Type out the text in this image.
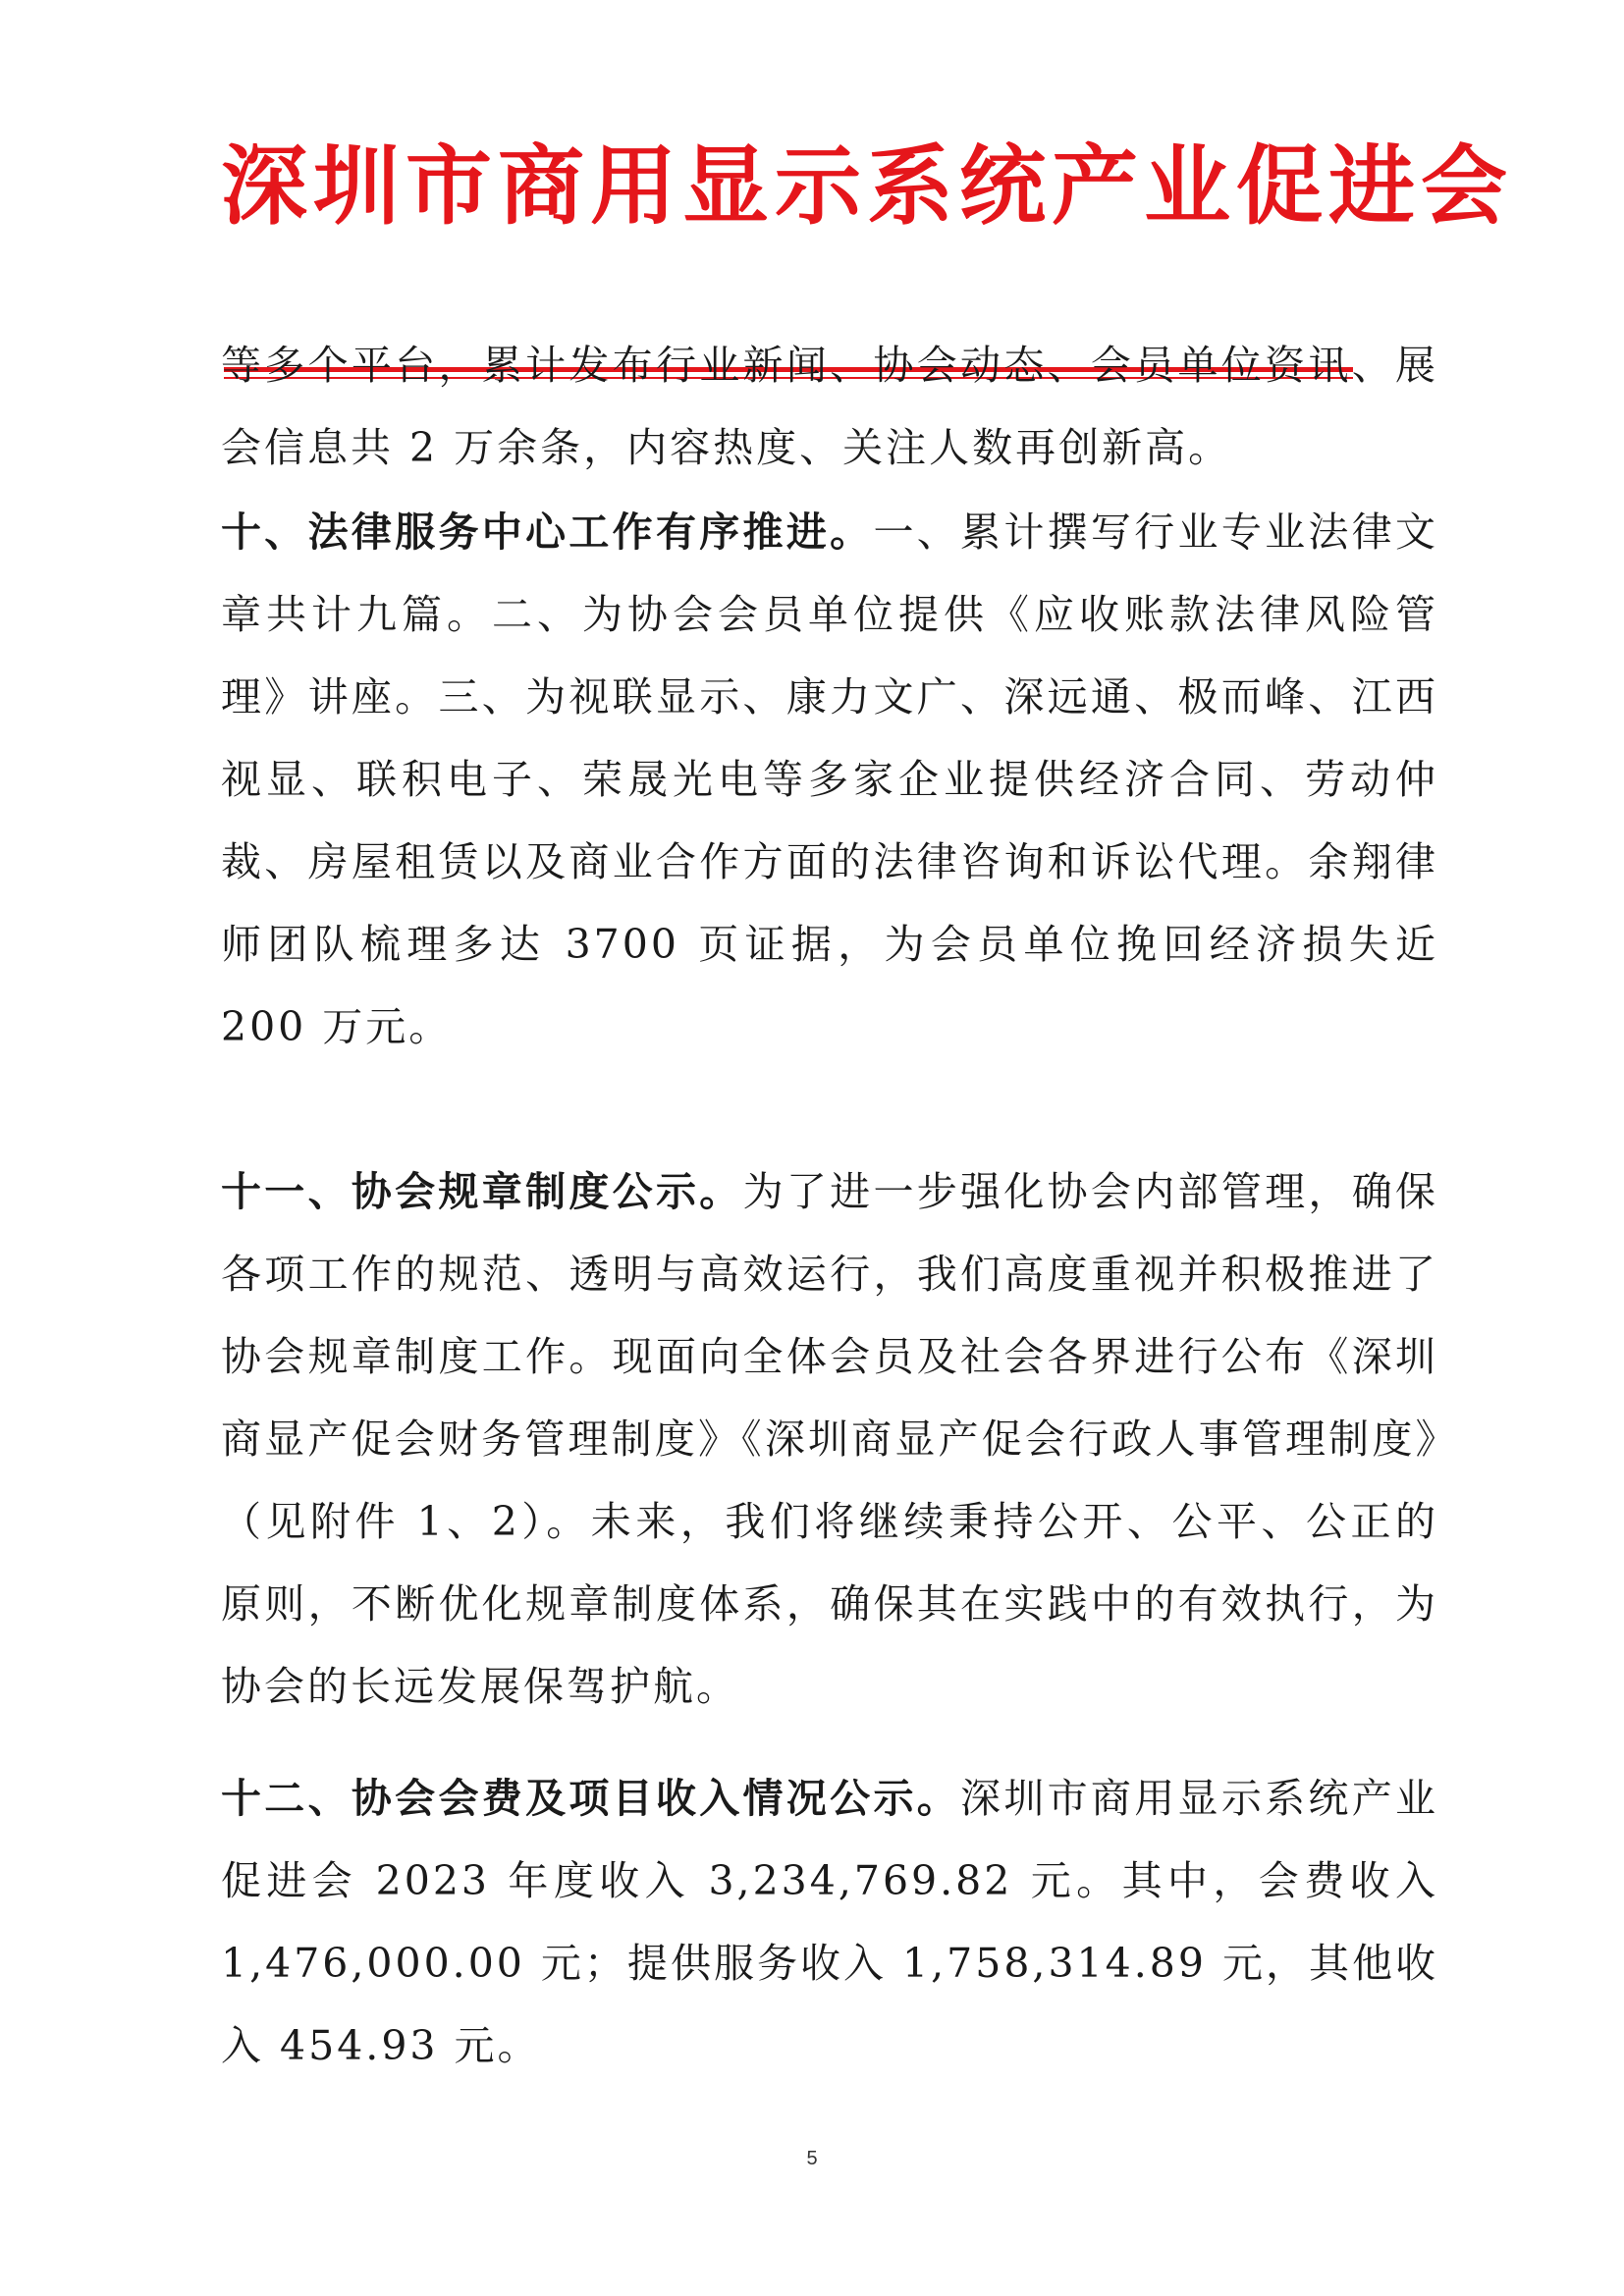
深圳市商用显示系统产业促进会

等多个平台，累计发布行业新闻、协会动态、会员单位资讯、展会信息共 2 万余条，内容热度、关注人数再创新高。

十、法律服务中心工作有序推进。一、累计撰写行业专业法律文章共计九篇。二、为协会会员单位提供《应收账款法律风险管理》讲座。三、为视联显示、康力文广、深远通、极而峰、江西视显、联积电子、荣晟光电等多家企业提供经济合同、劳动仲裁、房屋租赁以及商业合作方面的法律咨询和诉讼代理。余翔律师团队梳理多达 3700 页证据，为会员单位挽回经济损失近 200 万元。

十一、协会规章制度公示。为了进一步强化协会内部管理，确保各项工作的规范、透明与高效运行，我们高度重视并积极推进了协会规章制度工作。现面向全体会员及社会各界进行公布《深圳商显产促会财务管理制度》《深圳商显产促会行政人事管理制度》（见附件 1、2）。未来，我们将继续秉持公开、公平、公正的原则，不断优化规章制度体系，确保其在实践中的有效执行，为协会的长远发展保驾护航。

十二、协会会费及项目收入情况公示。深圳市商用显示系统产业促进会 2023 年度收入 3,234,769.82 元。其中，会费收入 1,476,000.00 元；提供服务收入 1,758,314.89 元，其他收入 454.93 元。

5
